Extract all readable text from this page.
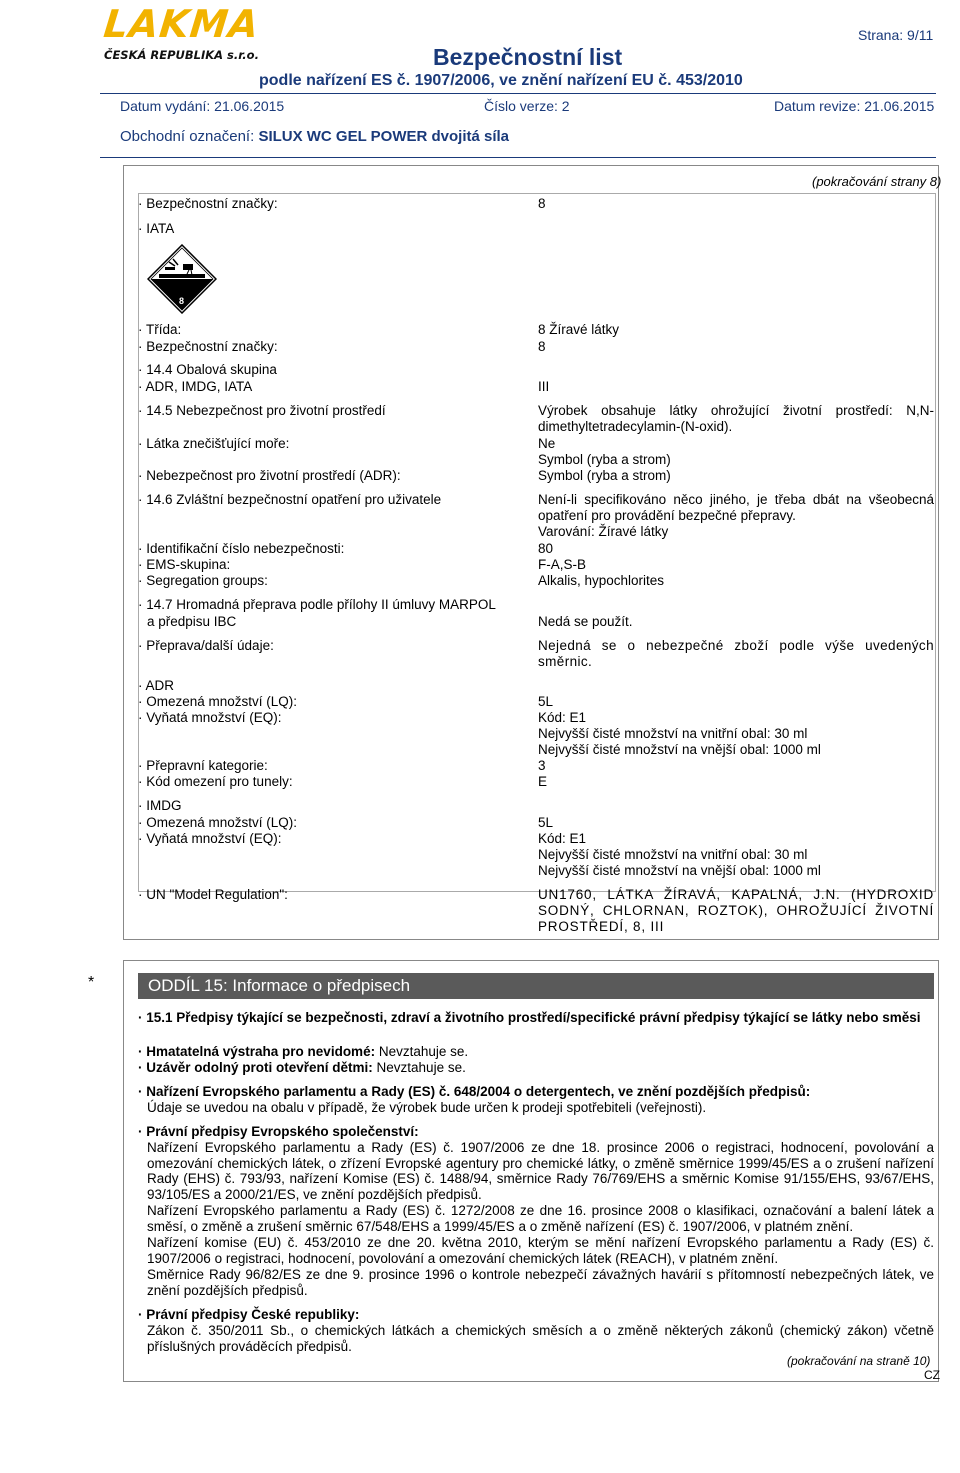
LAKMA
ČESKÁ REPUBLIKA s.r.o.	Bezpečnostní list
podle nařízení ES č. 1907/2006, ve znění nařízení EU č. 453/2010
Strana: 9/11
Datum vydání: 21.06.2015	Číslo verze: 2	Datum revize: 21.06.2015
Obchodní označení: SILUX WC GEL POWER dvojitá síla
(pokračování strany 8)
· Bezpečnostní značky:	8
· IATA
8
· Třída:	8 Žíravé látky
· Bezpečnostní značky:	8
· 14.4 Obalová skupina
· ADR, IMDG, IATA	III
· 14.5 Nebezpečnost pro životní prostředí	Výrobek obsahuje látky ohrožující životní prostředí: N,N-dimethyltetradecylamin-(N-oxid).
· Látka znečišťující moře:	Ne
Symbol (ryba a strom)
· Nebezpečnost pro životní prostředí (ADR):	Symbol (ryba a strom)
· 14.6 Zvláštní bezpečnostní opatření pro uživatele	Není-li specifikováno něco jiného, je třeba dbát na všeobecná opatření pro provádění bezpečné přepravy.
Varování: Žíravé látky
· Identifikační číslo nebezpečnosti:	80
· EMS-skupina:	F-A,S-B
· Segregation groups:	Alkalis, hypochlorites
· 14.7 Hromadná přeprava podle přílohy II úmluvy MARPOL
a předpisu IBC	Nedá se použít.
· Přeprava/další údaje:	Nejedná se o nebezpečné zboží podle výše uvedených směrnic.
· ADR
· Omezená množství (LQ):	5L
· Vyňatá množství (EQ):	Kód: E1
Nejvyšší čisté množství na vnitřní obal: 30 ml
Nejvyšší čisté množství na vnější obal: 1000 ml
· Přepravní kategorie:	3
· Kód omezení pro tunely:	E
· IMDG
· Omezená množství (LQ):	5L
· Vyňatá množství (EQ):	Kód: E1
Nejvyšší čisté množství na vnitřní obal: 30 ml
Nejvyšší čisté množství na vnější obal: 1000 ml
· UN "Model Regulation":	UN1760, LÁTKA ŽÍRAVÁ, KAPALNÁ, J.N. (HYDROXID SODNÝ, CHLORNAN, ROZTOK), OHROŽUJÍCÍ ŽIVOTNÍ PROSTŘEDÍ, 8, III
*	ODDÍL 15: Informace o předpisech
· 15.1 Předpisy týkající se bezpečnosti, zdraví a životního prostředí/specifické právní předpisy týkající se látky nebo směsi
· Hmatatelná výstraha pro nevidomé: Nevztahuje se.
· Uzávěr odolný proti otevření dětmi: Nevztahuje se.
· Nařízení Evropského parlamentu a Rady (ES) č. 648/2004 o detergentech, ve znění pozdějších předpisů:
Údaje se uvedou na obalu v případě, že výrobek bude určen k prodeji spotřebiteli (veřejnosti).
· Právní předpisy Evropského společenství:
Nařízení Evropského parlamentu a Rady (ES) č. 1907/2006 ze dne 18. prosince 2006 o registraci, hodnocení, povolování a omezování chemických látek, o zřízení Evropské agentury pro chemické látky, o změně směrnice 1999/45/ES a o zrušení nařízení Rady (EHS) č. 793/93, nařízení Komise (ES) č. 1488/94, směrnice Rady 76/769/EHS a směrnic Komise 91/155/EHS, 93/67/EHS, 93/105/ES a 2000/21/ES, ve znění pozdějších předpisů.
Nařízení Evropského parlamentu a Rady (ES) č. 1272/2008 ze dne 16. prosince 2008 o klasifikaci, označování a balení látek a směsí, o změně a zrušení směrnic 67/548/EHS a 1999/45/ES a o změně nařízení (ES) č. 1907/2006, v platném znění.
Nařízení komise (EU) č. 453/2010 ze dne 20. května 2010, kterým se mění nařízení Evropského parlamentu a Rady (ES) č. 1907/2006 o registraci, hodnocení, povolování a omezování chemických látek (REACH), v platném znění.
Směrnice Rady 96/82/ES ze dne 9. prosince 1996 o kontrole nebezpečí závažných havárií s přítomností nebezpečných látek, ve znění pozdějších předpisů.
· Právní předpisy České republiky:
Zákon č. 350/2011 Sb., o chemických látkách a chemických směsích a o změně některých zákonů (chemický zákon) včetně příslušných prováděcích předpisů.
(pokračování na straně 10)
CZ
